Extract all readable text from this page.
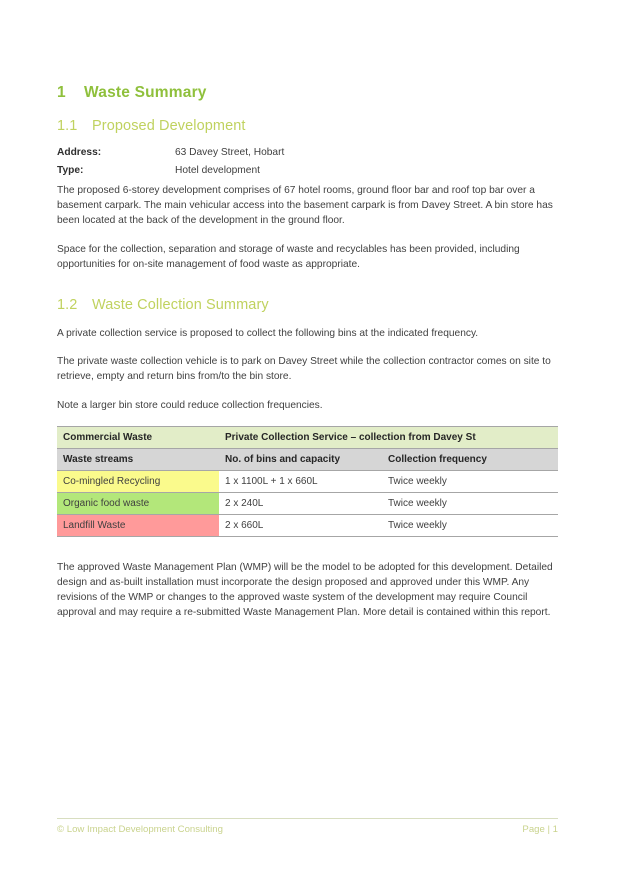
1	Waste Summary
1.1	Proposed Development
Address:	63 Davey Street, Hobart
Type:	Hotel development

The proposed 6-storey development comprises of 67 hotel rooms, ground floor bar and roof top bar over a basement carpark. The main vehicular access into the basement carpark is from Davey Street. A bin store has been located at the back of the development in the ground floor.

Space for the collection, separation and storage of waste and recyclables has been provided, including opportunities for on-site management of food waste as appropriate.

1.2	Waste Collection Summary

A private collection service is proposed to collect the following bins at the indicated frequency.

The private waste collection vehicle is to park on Davey Street while the collection contractor comes on site to retrieve, empty and return bins from/to the bin store.

Note a larger bin store could reduce collection frequencies.

Commercial Waste	Private Collection Service – collection from Davey St	
Waste streams	No. of bins and capacity	Collection frequency
Co-mingled Recycling	1 x 1100L + 1 x 660L	Twice weekly
Organic food waste	2 x 240L	Twice weekly
Landfill Waste	2 x 660L	Twice weekly

The approved Waste Management Plan (WMP) will be the model to be adopted for this development. Detailed design and as-built installation must incorporate the design proposed and approved under this WMP. Any revisions of the WMP or changes to the approved waste system of the development may require Council approval and may require a re-submitted Waste Management Plan. More detail is contained within this report.

© Low Impact Development Consulting	Page | 1
